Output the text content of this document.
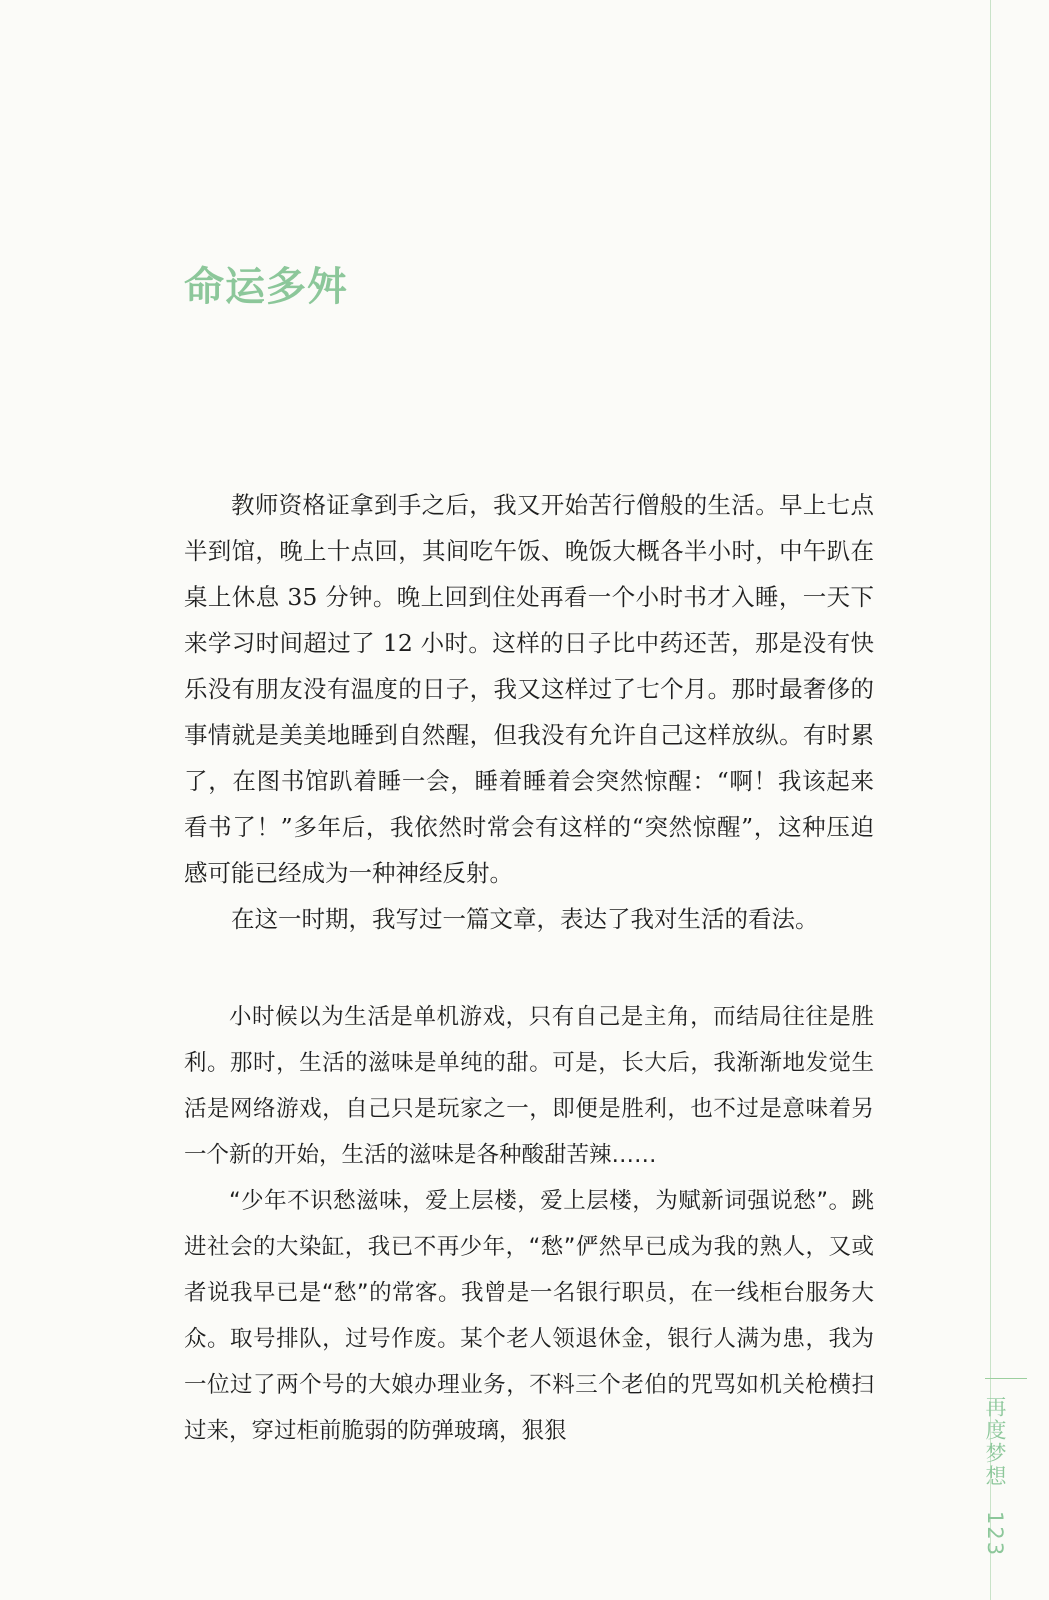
命运多舛

教师资格证拿到手之后，我又开始苦行僧般的生活。早上七点半到馆，晚上十点回，其间吃午饭、晚饭大概各半小时，中午趴在桌上休息 35 分钟。晚上回到住处再看一个小时书才入睡，一天下来学习时间超过了 12 小时。这样的日子比中药还苦，那是没有快乐没有朋友没有温度的日子，我又这样过了七个月。那时最奢侈的事情就是美美地睡到自然醒，但我没有允许自己这样放纵。有时累了，在图书馆趴着睡一会，睡着睡着会突然惊醒：“啊！我该起来看书了！”多年后，我依然时常会有这样的“突然惊醒”，这种压迫感可能已经成为一种神经反射。

在这一时期，我写过一篇文章，表达了我对生活的看法。

小时候以为生活是单机游戏，只有自己是主角，而结局往往是胜利。那时，生活的滋味是单纯的甜。可是，长大后，我渐渐地发觉生活是网络游戏，自己只是玩家之一，即便是胜利，也不过是意味着另一个新的开始，生活的滋味是各种酸甜苦辣……

“少年不识愁滋味，爱上层楼，爱上层楼，为赋新词强说愁”。跳进社会的大染缸，我已不再少年，“愁”俨然早已成为我的熟人，又或者说我早已是“愁”的常客。我曾是一名银行职员，在一线柜台服务大众。取号排队，过号作废。某个老人领退休金，银行人满为患，我为一位过了两个号的大娘办理业务，不料三个老伯的咒骂如机关枪横扫过来，穿过柜前脆弱的防弹玻璃，狠狠	再度梦想 123
